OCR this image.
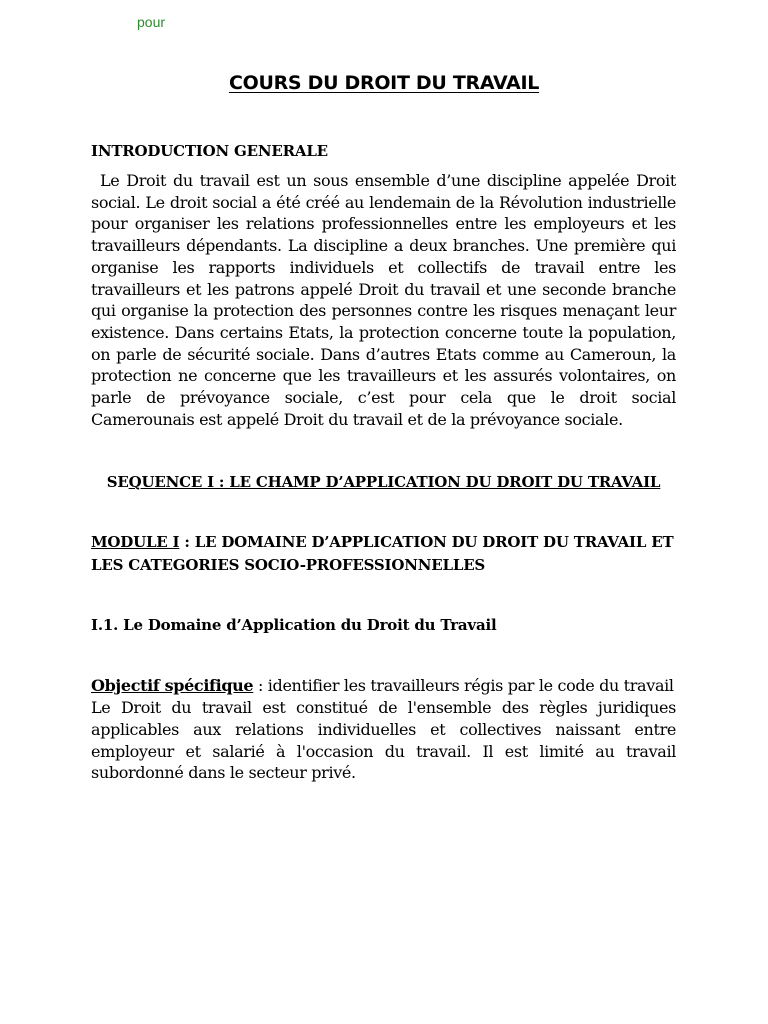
pour
COURS DU DROIT DU TRAVAIL
INTRODUCTION GENERALE

Le Droit du travail est un sous ensemble d’une discipline appelée Droit social. Le droit social a été créé au lendemain de la Révolution industrielle pour organiser les relations professionnelles entre les employeurs et les travailleurs dépendants. La discipline a deux branches. Une première qui organise les rapports individuels et collectifs de travail entre les travailleurs et les patrons appelé Droit du travail et une seconde branche qui organise la protection des personnes contre les risques menaçant leur existence. Dans certains Etats, la protection concerne toute la population, on parle de sécurité sociale. Dans d’autres Etats comme au Cameroun, la protection ne concerne que les travailleurs et les assurés volontaires, on parle de prévoyance sociale, c’est pour cela que le droit social Camerounais est appelé Droit du travail et de la prévoyance sociale.

SEQUENCE I : LE CHAMP D’APPLICATION DU DROIT DU TRAVAIL
MODULE I : LE DOMAINE D’APPLICATION DU DROIT DU TRAVAIL ET LES CATEGORIES SOCIO-PROFESSIONNELLES
I.1. Le Domaine d’Application du Droit du Travail
Objectif spécifique : identifier les travailleurs régis par le code du travail

Le Droit du travail est constitué de l'ensemble des règles juridiques applicables aux relations individuelles et collectives naissant entre employeur et salarié à l'occasion du travail. Il est limité au travail subordonné dans le secteur privé.
